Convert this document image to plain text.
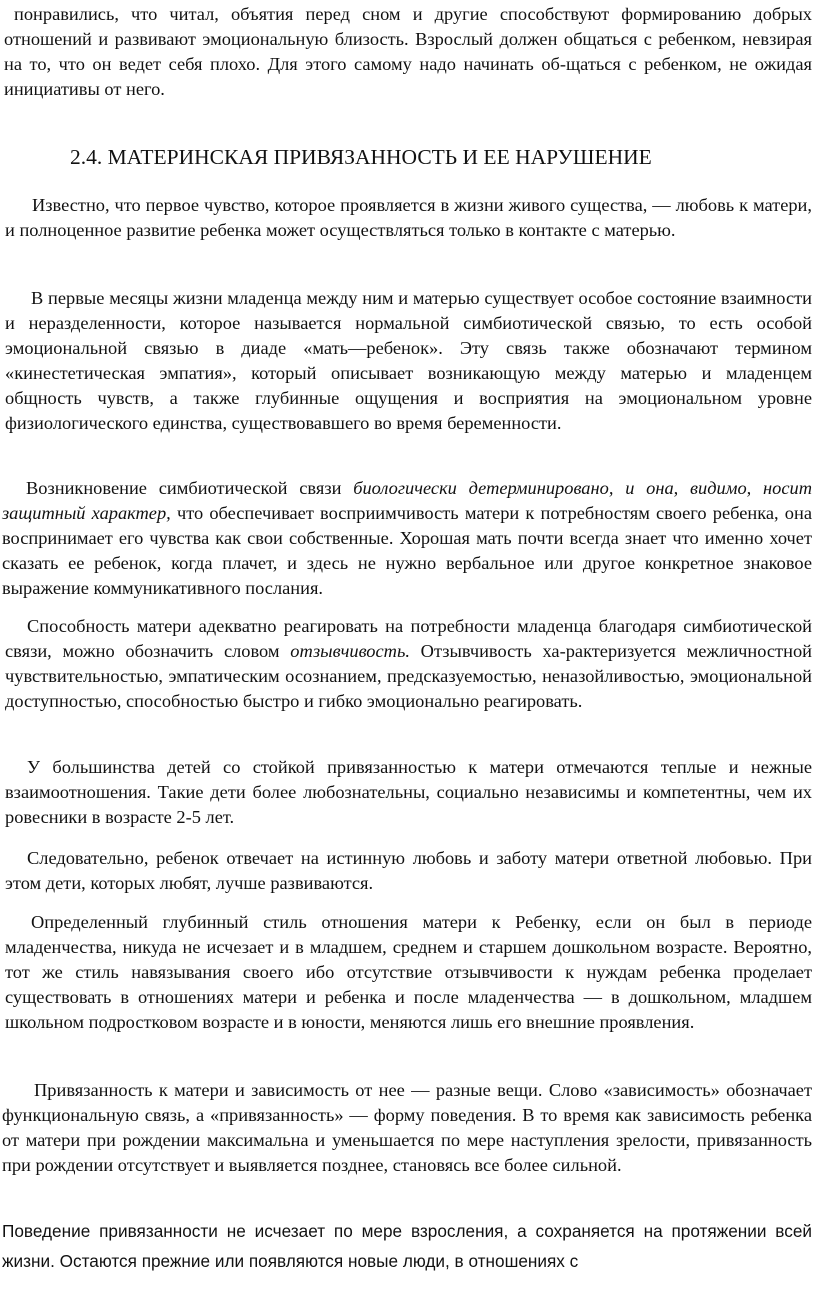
понравились, что читал, объятия перед сном и другие способствуют формированию добрых отношений и развивают эмоциональную близость. Взрослый должен общаться с ребенком, невзирая на то, что он ведет себя плохо. Для этого самому надо начинать об-щаться с ребенком, не ожидая инициативы от него.

2.4. МАТЕРИНСКАЯ ПРИВЯЗАННОСТЬ И ЕЕ НАРУШЕНИЕ

Известно, что первое чувство, которое проявляется в жизни живого существа, — любовь к матери, и полноценное развитие ребенка может осуществляться только в контакте с матерью.

В первые месяцы жизни младенца между ним и матерью существует особое состояние взаимности и неразделенности, которое называется нормальной симбиотической связью, то есть особой эмоциональной связью в диаде «мать—ребенок». Эту связь также обозначают термином «кинестетическая эмпатия», который описывает возникающую между матерью и младенцем общность чувств, а также глубинные ощущения и восприятия на эмоциональном уровне физиологического единства, существовавшего во время беременности.

Возникновение симбиотической связи биологически детерминировано, и она, видимо, носит защитный характер, что обеспечивает восприимчивость матери к потребностям своего ребенка, она воспринимает его чувства как свои собственные. Хорошая мать почти всегда знает что именно хочет сказать ее ребенок, когда плачет, и здесь не нужно вербальное или другое конкретное знаковое выражение коммуникативного послания.

Способность матери адекватно реагировать на потребности младенца благодаря симбиотической связи, можно обозначить словом отзывчивость. Отзывчивость ха-рактеризуется межличностной чувствительностью, эмпатическим осознанием, предсказуемостью, неназойливостью, эмоциональной доступностью, способностью быстро и гибко эмоционально реагировать.

У большинства детей со стойкой привязанностью к матери отмечаются теплые и нежные взаимоотношения. Такие дети более любознательны, социально независимы и компетентны, чем их ровесники в возрасте 2-5 лет.

Следовательно, ребенок отвечает на истинную любовь и заботу матери ответной любовью. При этом дети, которых любят, лучше развиваются.

Определенный глубинный стиль отношения матери к Ребенку, если он был в периоде младенчества, никуда не исчезает и в младшем, среднем и старшем дошкольном возрасте. Вероятно, тот же стиль навязывания своего ибо отсутствие отзывчивости к нуждам ребенка проделает существовать в отношениях матери и ребенка и после младенчества — в дошкольном, младшем школьном подростковом возрасте и в юности, меняются лишь его внешние проявления.

Привязанность к матери и зависимость от нее — разные вещи. Слово «зависимость» обозначает функциональную связь, а «привязанность» — форму поведения. В то время как зависимость ребенка от матери при рождении максимальна и уменьшается по мере наступления зрелости, привязанность при рождении отсутствует и выявляется позднее, становясь все более сильной.

Поведение привязанности не исчезает по мере взросления, а сохраняется на протяжении всей жизни. Остаются прежние или появляются новые люди, в отношениях с
